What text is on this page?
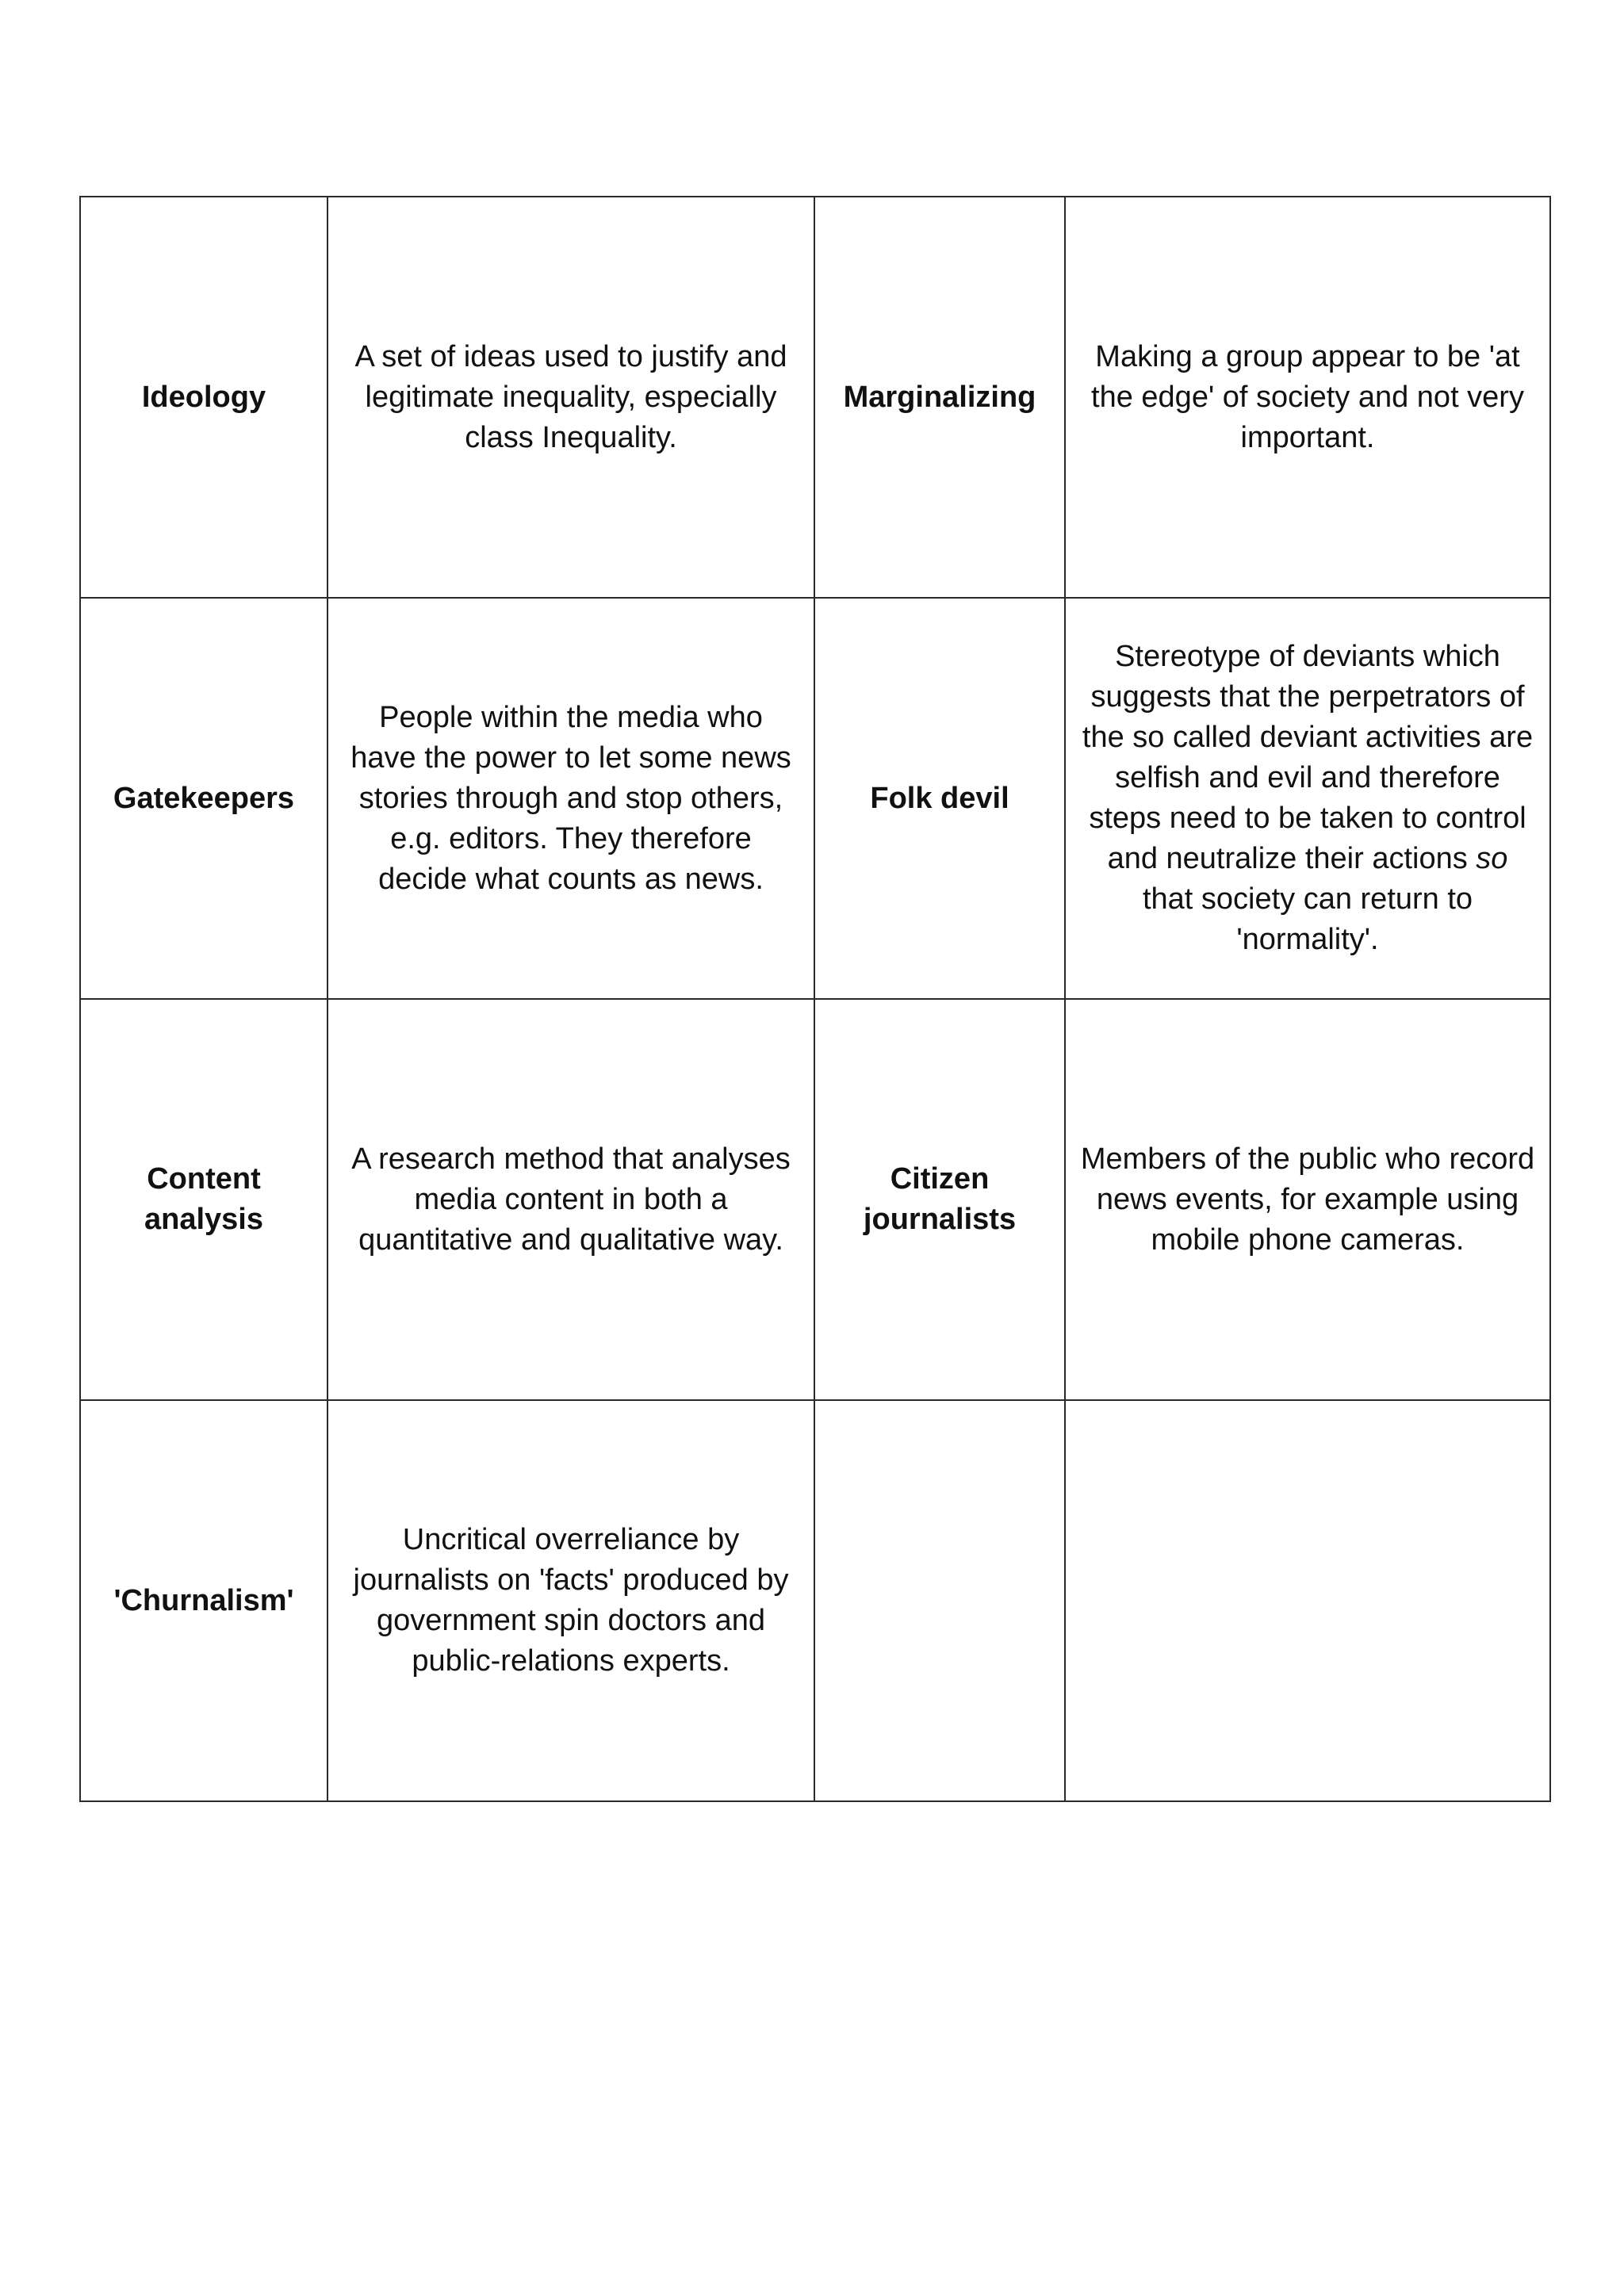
Ideology	A set of ideas used to justify and legitimate inequality, especially class Inequality.	Marginalizing	Making a group appear to be 'at the edge' of society and not very important.
Gatekeepers	People within the media who have the power to let some news stories through and stop others, e.g. editors. They therefore decide what counts as news.	Folk devil	Stereotype of deviants which suggests that the perpetrators of the so called deviant activities are selfish and evil and therefore steps need to be taken to control and neutralize their actions so that society can return to 'normality'.
Content analysis	A research method that analyses media content in both a quantitative and qualitative way.	Citizen journalists	Members of the public who record news events, for example using mobile phone cameras.
'Churnalism'	Uncritical overreliance by journalists on 'facts' produced by government spin doctors and public-relations experts.		
